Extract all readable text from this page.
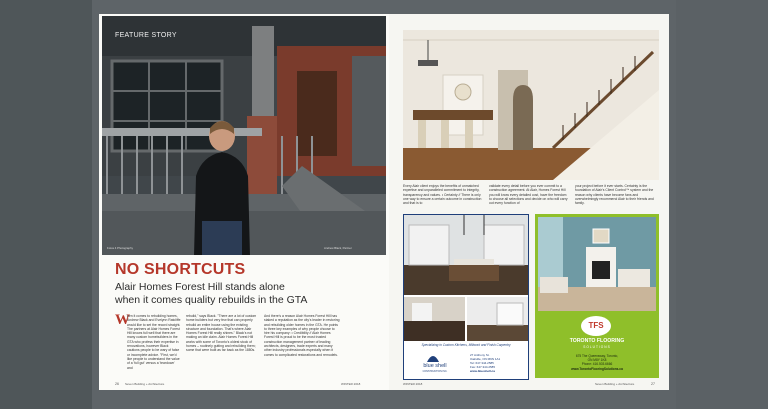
FEATURE STORY
Fotos 4 Photography	Andrew Black, Partner
NO SHORTCUTS
Alair Homes Forest Hill stands alone
when it comes quality rebuilds in the GTA
W
hen it comes to rebuilding homes, Andrew Black and Evelynn Ratcliffe would like to set the record straight. The partners at Alair Homes Forest Hill knows full well that there are many custom homebuilders in the GTA who profess their expertise in renovations, however Black cautions people to be wary of false or incomplete advice. "First, we'd like people to understand the value of a 'full gut' versus a 'teardown' and
rebuild," says Black. "There are a lot of custom home builders but very few that can properly rebuild an entire house using the existing structure and foundation. That's where Alair Homes Forest Hill really shines." Black's not making an idle claim. Alair Homes Forest Hill works with some of Toronto's oldest stock of homes – routinely gutting and rebuilding them; some that were built as far back as the 1880s.
And there's a reason Alair Homes Forest Hill has staked a reputation as the city's leader in restoring and rebuilding older homes in the GTA. He points to three key examples of why people choose to hire his company: • Credibility // Alair Homes Forest Hill is proud to be the most trusted construction management partner of leading architects, designers, trade experts and many other industry professionals especially when it comes to complicated restorations and remodels.
26 Seven Building + Architecture	WINTER 2018
Every Alair client enjoys the benefits of unmatched expertise and unparalleled commitment to integrity, transparency and values. • Certainty // There is only one way to ensure a certain outcome in construction and that is to
validate every detail before you ever commit to a construction agreement. At Alair, Homes Forest Hill you will know every detailed cost, have the freedom to choose all selections and decide on who will carry out every function of
your project before it ever starts. Certainty is the foundation of Alair's Client Control™ system and the reason why clients have become fans and overwhelmingly recommend Alair to their friends and family.
Specializing in Custom Kitchens, Millwork and Finish Carpentry
blue shell
CONSTRUCTION INC.
27 Anthony St.
Oakville, ON M9N 1A1
Tel: 647.344.2585
Fax: 647.344.2585
www.blueshell.ca
TFS
TORONTO FLOORING
SOLUTIONS
675 The Queensway, Toronto,
ON M8Y 1K8
Phone: 416.503.6666
www.TorontoFlooringSolutions.ca
WINTER 2018	Seven Building + Architecture	27
